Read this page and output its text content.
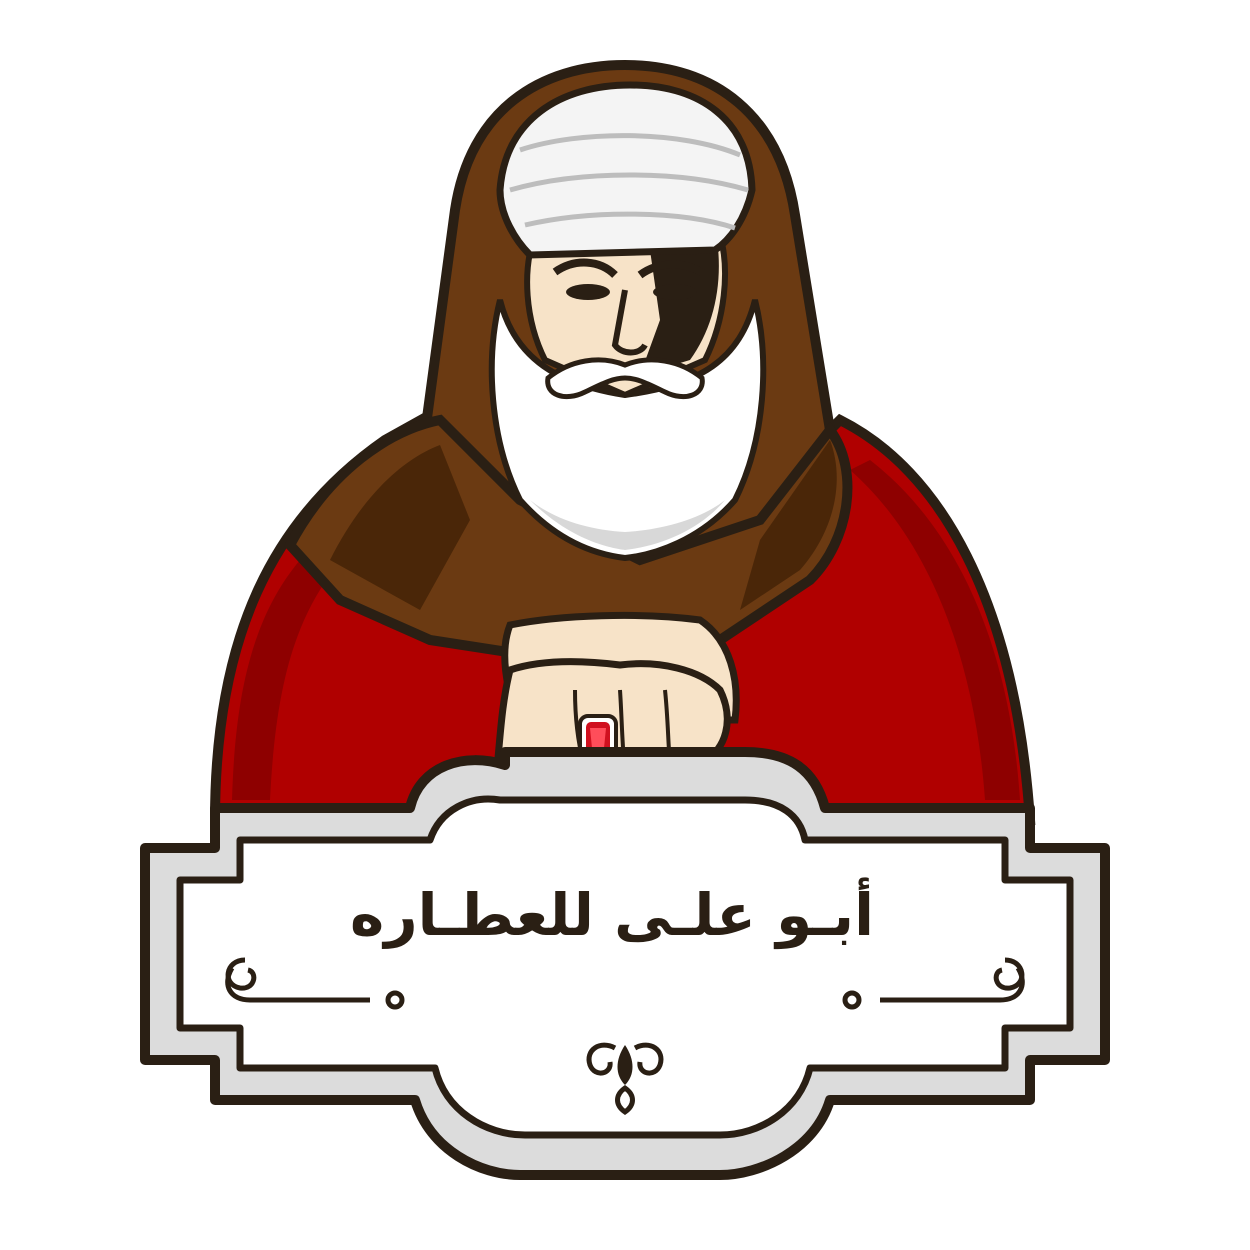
أبـو علـى للعطـاره
